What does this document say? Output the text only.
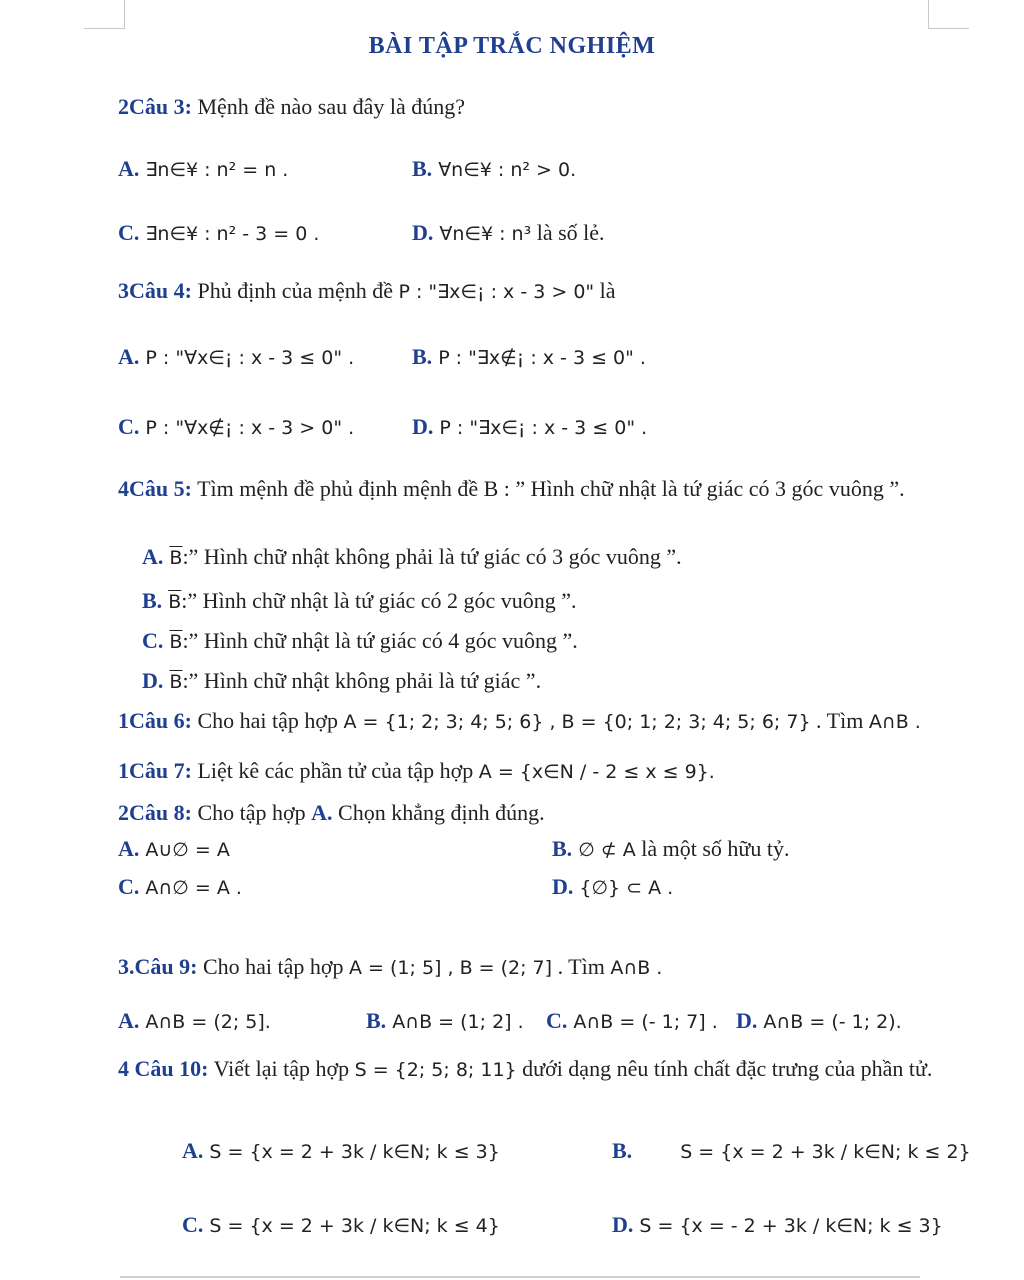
BÀI TẬP TRẮC NGHIỆM
2Câu 3: Mệnh đề nào sau đây là đúng?
A. ∃n∈¥ : n² = n .	B. ∀n∈¥ : n² > 0.
C. ∃n∈¥ : n² - 3 = 0 .	D. ∀n∈¥ : n³ là số lẻ.
3Câu 4: Phủ định của mệnh đề P : "∃x∈¡ : x - 3 > 0" là
A. P : "∀x∈¡ : x - 3 ≤ 0" .	B. P : "∃x∉¡ : x - 3 ≤ 0" .
C. P : "∀x∉¡ : x - 3 > 0" .	D. P : "∃x∈¡ : x - 3 ≤ 0" .
4Câu 5: Tìm mệnh đề phủ định mệnh đề B : ” Hình chữ nhật là tứ giác có 3 góc vuông ”.
A. $\overline{B}$:” Hình chữ nhật không phải là tứ giác có 3 góc vuông ”.
B. $\overline{B}$:” Hình chữ nhật là tứ giác có 2 góc vuông ”.
C. $\overline{B}$:” Hình chữ nhật là tứ giác có 4 góc vuông ”.
D. $\overline{B}$:” Hình chữ nhật không phải là tứ giác ”.
1Câu 6: Cho hai tập hợp A = {1; 2; 3; 4; 5; 6} , B = {0; 1; 2; 3; 4; 5; 6; 7} . Tìm A∩B .
1Câu 7: Liệt kê các phần tử của tập hợp A = {x∈N / - 2 ≤ x ≤ 9}.
2Câu 8: Cho tập hợp A. Chọn khẳng định đúng.
A. A∪∅ = A	B. ∅ ⊄ A là một số hữu tỷ.
C. A∩∅ = A .	D. {∅} ⊂ A .
3.Câu 9: Cho hai tập hợp A = (1; 5] , B = (2; 7] . Tìm A∩B .
A. A∩B = (2; 5].	B. A∩B = (1; 2] . C. A∩B = (- 1; 7] . D. A∩B = (- 1; 2).
4 Câu 10: Viết lại tập hợp S = {2; 5; 8; 11} dưới dạng nêu tính chất đặc trưng của phần tử.
A. S = {x = 2 + 3k / k∈N; k ≤ 3}	B.	S = {x = 2 + 3k / k∈N; k ≤ 2}
C. S = {x = 2 + 3k / k∈N; k ≤ 4}	D. S = {x = - 2 + 3k / k∈N; k ≤ 3}
